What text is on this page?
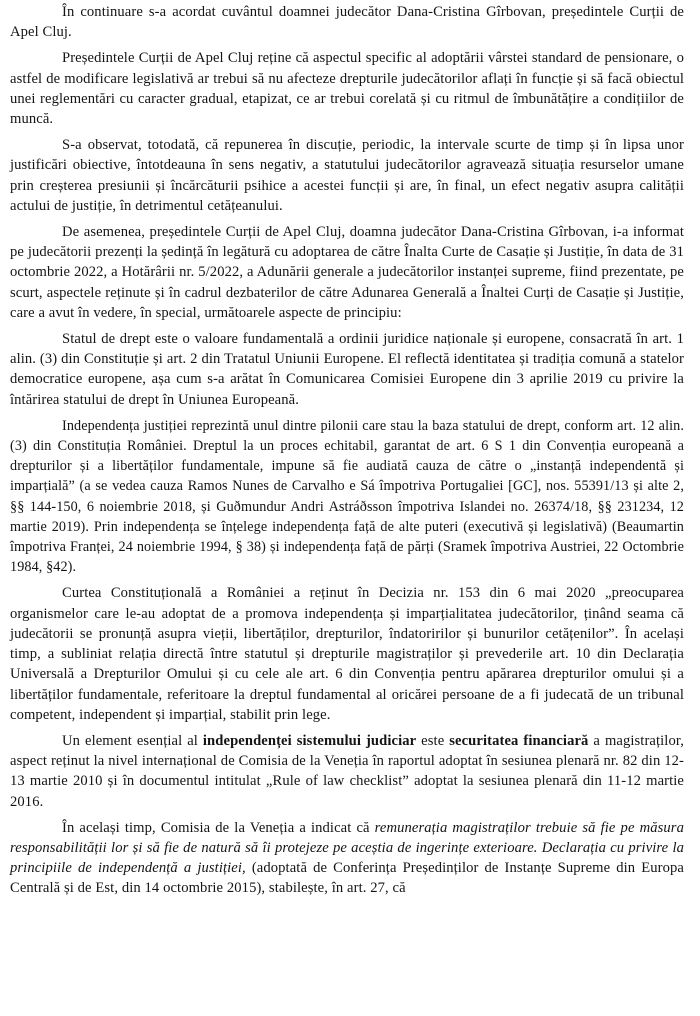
În continuare s-a acordat cuvântul doamnei judecător Dana-Cristina Gîrbovan, președintele Curții de Apel Cluj.

Președintele Curții de Apel Cluj reține că aspectul specific al adoptării vârstei standard de pensionare, o astfel de modificare legislativă ar trebui să nu afecteze drepturile judecătorilor aflați în funcție și să facă obiectul unei reglementări cu caracter gradual, etapizat, ce ar trebui corelată și cu ritmul de îmbunătățire a condițiilor de muncă.

S-a observat, totodată, că repunerea în discuție, periodic, la intervale scurte de timp și în lipsa unor justificări obiective, întotdeauna în sens negativ, a statutului judecătorilor agravează situația resurselor umane prin creșterea presiunii și încărcăturii psihice a acestei funcții și are, în final, un efect negativ asupra calității actului de justiție, în detrimentul cetățeanului.

De asemenea, președintele Curții de Apel Cluj, doamna judecător Dana-Cristina Gîrbovan, i-a informat pe judecătorii prezenți la ședință în legătură cu adoptarea de către Înalta Curte de Casație și Justiție, în data de 31 octombrie 2022, a Hotărârii nr. 5/2022, a Adunării generale a judecătorilor instanței supreme, fiind prezentate, pe scurt, aspectele reținute și în cadrul dezbaterilor de către Adunarea Generală a Înaltei Curți de Casație și Justiție, care a avut în vedere, în special, următoarele aspecte de principiu:

Statul de drept este o valoare fundamentală a ordinii juridice naționale și europene, consacrată în art. 1 alin. (3) din Constituție și art. 2 din Tratatul Uniunii Europene. El reflectă identitatea și tradiția comună a statelor democratice europene, așa cum s-a arătat în Comunicarea Comisiei Europene din 3 aprilie 2019 cu privire la întărirea statului de drept în Uniunea Europeană.

Independența justiției reprezintă unul dintre pilonii care stau la baza statului de drept, conform art. 12 alin. (3) din Constituția României. Dreptul la un proces echitabil, garantat de art. 6 S 1 din Convenția europeană a drepturilor și a libertăților fundamentale, impune să fie audiată cauza de către o „instanță independentă și imparțială” (a se vedea cauza Ramos Nunes de Carvalho e Sá împotriva Portugaliei [GC], nos. 55391/13 și alte 2, §§ 144-150, 6 noiembrie 2018, și Guðmundur Andri Astráðsson împotriva Islandei no. 26374/18, §§ 231234, 12 martie 2019). Prin independența se înțelege independența față de alte puteri (executivă și legislativă) (Beaumartin împotriva Franței, 24 noiembrie 1994, § 38) și independența față de părți (Sramek împotriva Austriei, 22 Octombrie 1984, §42).

Curtea Constituțională a României a reținut în Decizia nr. 153 din 6 mai 2020 „preocuparea organismelor care le-au adoptat de a promova independența și imparțialitatea judecătorilor, ținând seama că judecătorii se pronunță asupra vieții, libertăților, drepturilor, îndatoririlor și bunurilor cetățenilor”. În același timp, a subliniat relația directă între statutul și drepturile magistraților și prevederile art. 10 din Declarația Universală a Drepturilor Omului și cu cele ale art. 6 din Convenția pentru apărarea drepturilor omului și a libertăților fundamentale, referitoare la dreptul fundamental al oricărei persoane de a fi judecată de un tribunal competent, independent și imparțial, stabilit prin lege.

Un element esențial al independenței sistemului judiciar este securitatea financiară a magistraților, aspect reținut la nivel internațional de Comisia de la Veneția în raportul adoptat în sesiunea plenară nr. 82 din 12-13 martie 2010 și în documentul intitulat „Rule of law checklist” adoptat la sesiunea plenară din 11-12 martie 2016.

În același timp, Comisia de la Veneția a indicat că remunerația magistraților trebuie să fie pe măsura responsabilității lor și să fie de natură să îi protejeze pe aceștia de ingerințe exterioare. Declarația cu privire la principiile de independență a justiției, (adoptată de Conferința Președinților de Instanțe Supreme din Europa Centrală și de Est, din 14 octombrie 2015), stabilește, în art. 27, că
